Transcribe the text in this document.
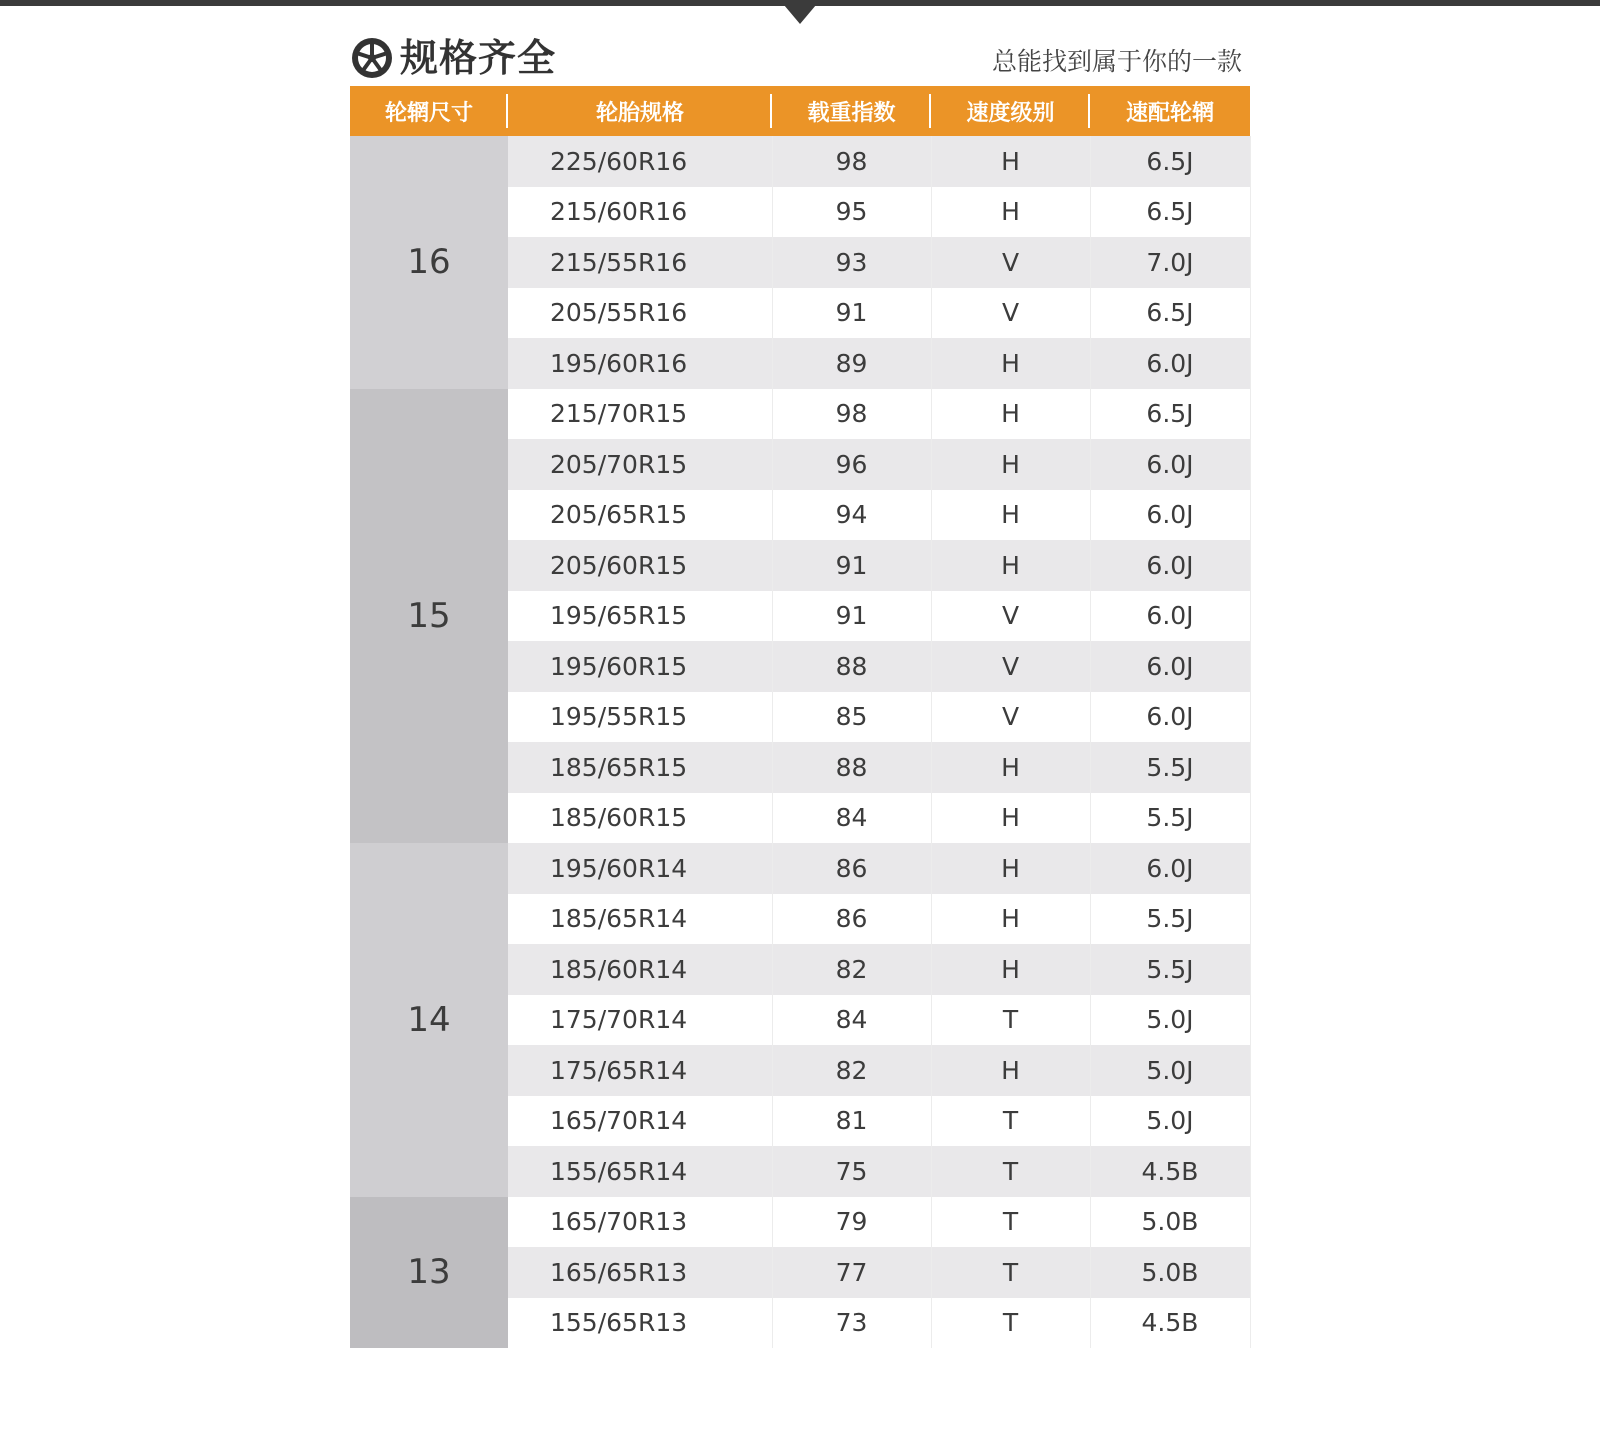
规格齐全	总能找到属于你的一款
轮辋尺寸	轮胎规格	载重指数	速度级别	速配轮辋
16	225/60R16	98	H	6.5J
	215/60R16	95	H	6.5J
	215/55R16	93	V	7.0J
	205/55R16	91	V	6.5J
	195/60R16	89	H	6.0J
15	215/70R15	98	H	6.5J
	205/70R15	96	H	6.0J
	205/65R15	94	H	6.0J
	205/60R15	91	H	6.0J
	195/65R15	91	V	6.0J
	195/60R15	88	V	6.0J
	195/55R15	85	V	6.0J
	185/65R15	88	H	5.5J
	185/60R15	84	H	5.5J
14	195/60R14	86	H	6.0J
	185/65R14	86	H	5.5J
	185/60R14	82	H	5.5J
	175/70R14	84	T	5.0J
	175/65R14	82	H	5.0J
	165/70R14	81	T	5.0J
	155/65R14	75	T	4.5B
13	165/70R13	79	T	5.0B
	165/65R13	77	T	5.0B
	155/65R13	73	T	4.5B
